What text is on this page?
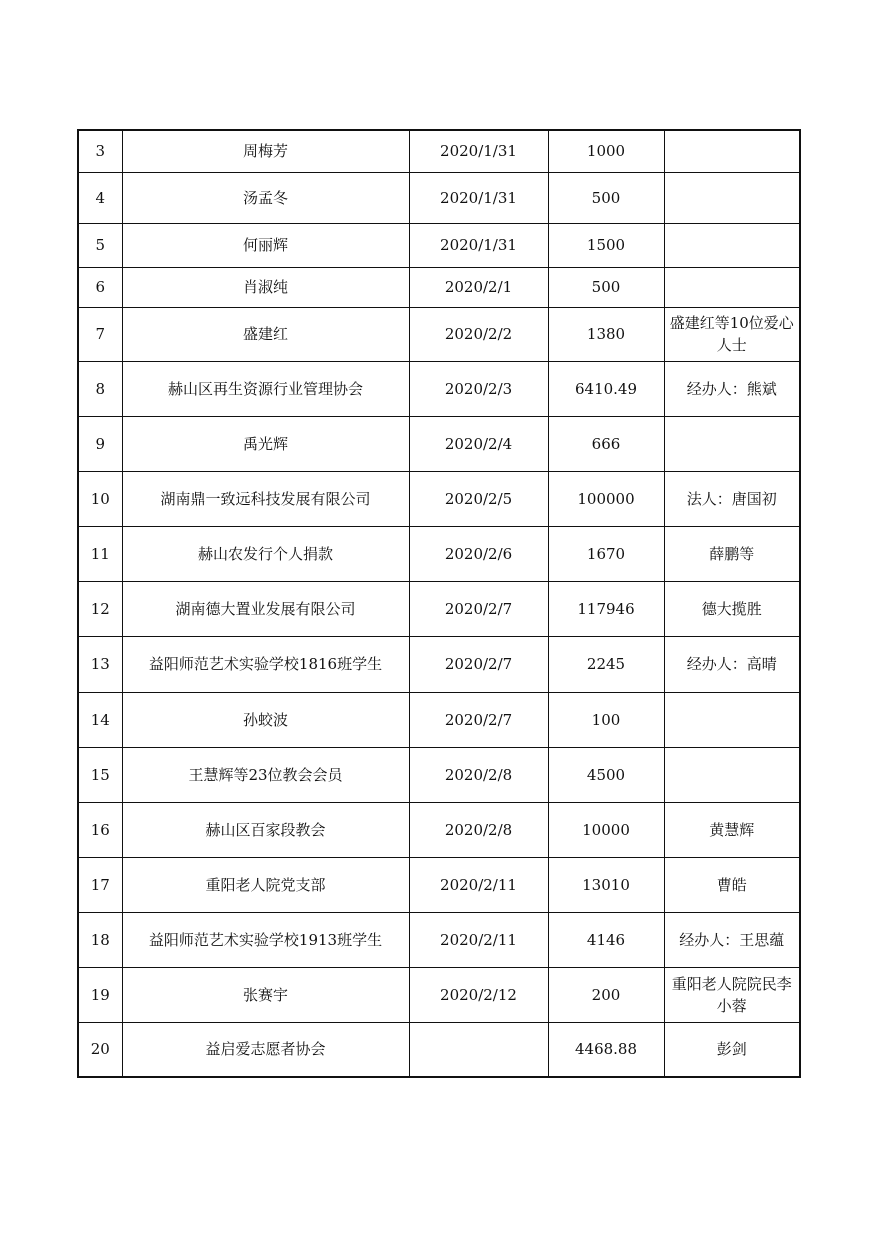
3	周梅芳	2020/1/31	1000	
4	汤孟冬	2020/1/31	500	
5	何丽辉	2020/1/31	1500	
6	肖淑纯	2020/2/1	500	
7	盛建红	2020/2/2	1380	盛建红等10位爱心人士
8	赫山区再生资源行业管理协会	2020/2/3	6410.49	经办人：熊斌
9	禹光辉	2020/2/4	666	
10	湖南鼎一致远科技发展有限公司	2020/2/5	100000	法人：唐国初
11	赫山农发行个人捐款	2020/2/6	1670	薛鹏等
12	湖南德大置业发展有限公司	2020/2/7	117946	德大揽胜
13	益阳师范艺术实验学校1816班学生	2020/2/7	2245	经办人：高晴
14	孙蛟波	2020/2/7	100	
15	王慧辉等23位教会会员	2020/2/8	4500	
16	赫山区百家段教会	2020/2/8	10000	黄慧辉
17	重阳老人院党支部	2020/2/11	13010	曹皓
18	益阳师范艺术实验学校1913班学生	2020/2/11	4146	经办人：王思蕴
19	张赛宇	2020/2/12	200	重阳老人院院民李小蓉
20	益启爱志愿者协会		4468.88	彭剑
